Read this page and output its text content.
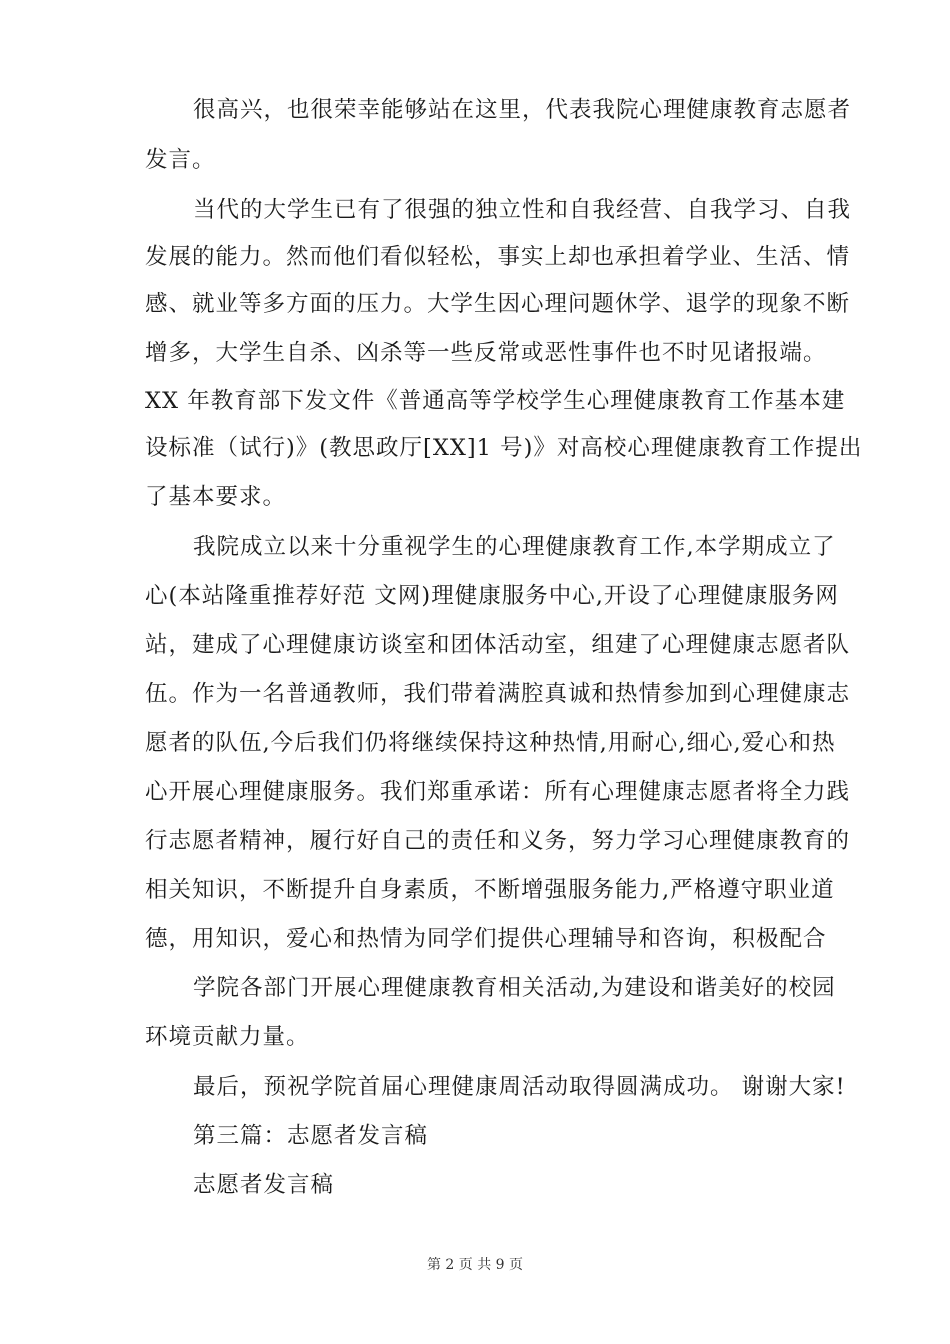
很高兴，也很荣幸能够站在这里，代表我院心理健康教育志愿者
发言。
当代的大学生已有了很强的独立性和自我经营、自我学习、自我
发展的能力。然而他们看似轻松，事实上却也承担着学业、生活、情
感、就业等多方面的压力。大学生因心理问题休学、退学的现象不断
增多，大学生自杀、凶杀等一些反常或恶性事件也不时见诸报端。
XX 年教育部下发文件《普通高等学校学生心理健康教育工作基本建
设标准（试行)》(教思政厅[XX]1 号)》对高校心理健康教育工作提出
了基本要求。
我院成立以来十分重视学生的心理健康教育工作,本学期成立了
心(本站隆重推荐好范 文网)理健康服务中心,开设了心理健康服务网
站，建成了心理健康访谈室和团体活动室，组建了心理健康志愿者队
伍。作为一名普通教师，我们带着满腔真诚和热情参加到心理健康志
愿者的队伍,今后我们仍将继续保持这种热情,用耐心,细心,爱心和热
心开展心理健康服务。我们郑重承诺：所有心理健康志愿者将全力践
行志愿者精神，履行好自己的责任和义务，努力学习心理健康教育的
相关知识，不断提升自身素质，不断增强服务能力,严格遵守职业道
德，用知识，爱心和热情为同学们提供心理辅导和咨询，积极配合
学院各部门开展心理健康教育相关活动,为建设和谐美好的校园
环境贡献力量。
最后，预祝学院首届心理健康周活动取得圆满成功。 谢谢大家!
第三篇：志愿者发言稿
志愿者发言稿
第 2 页 共 9 页
